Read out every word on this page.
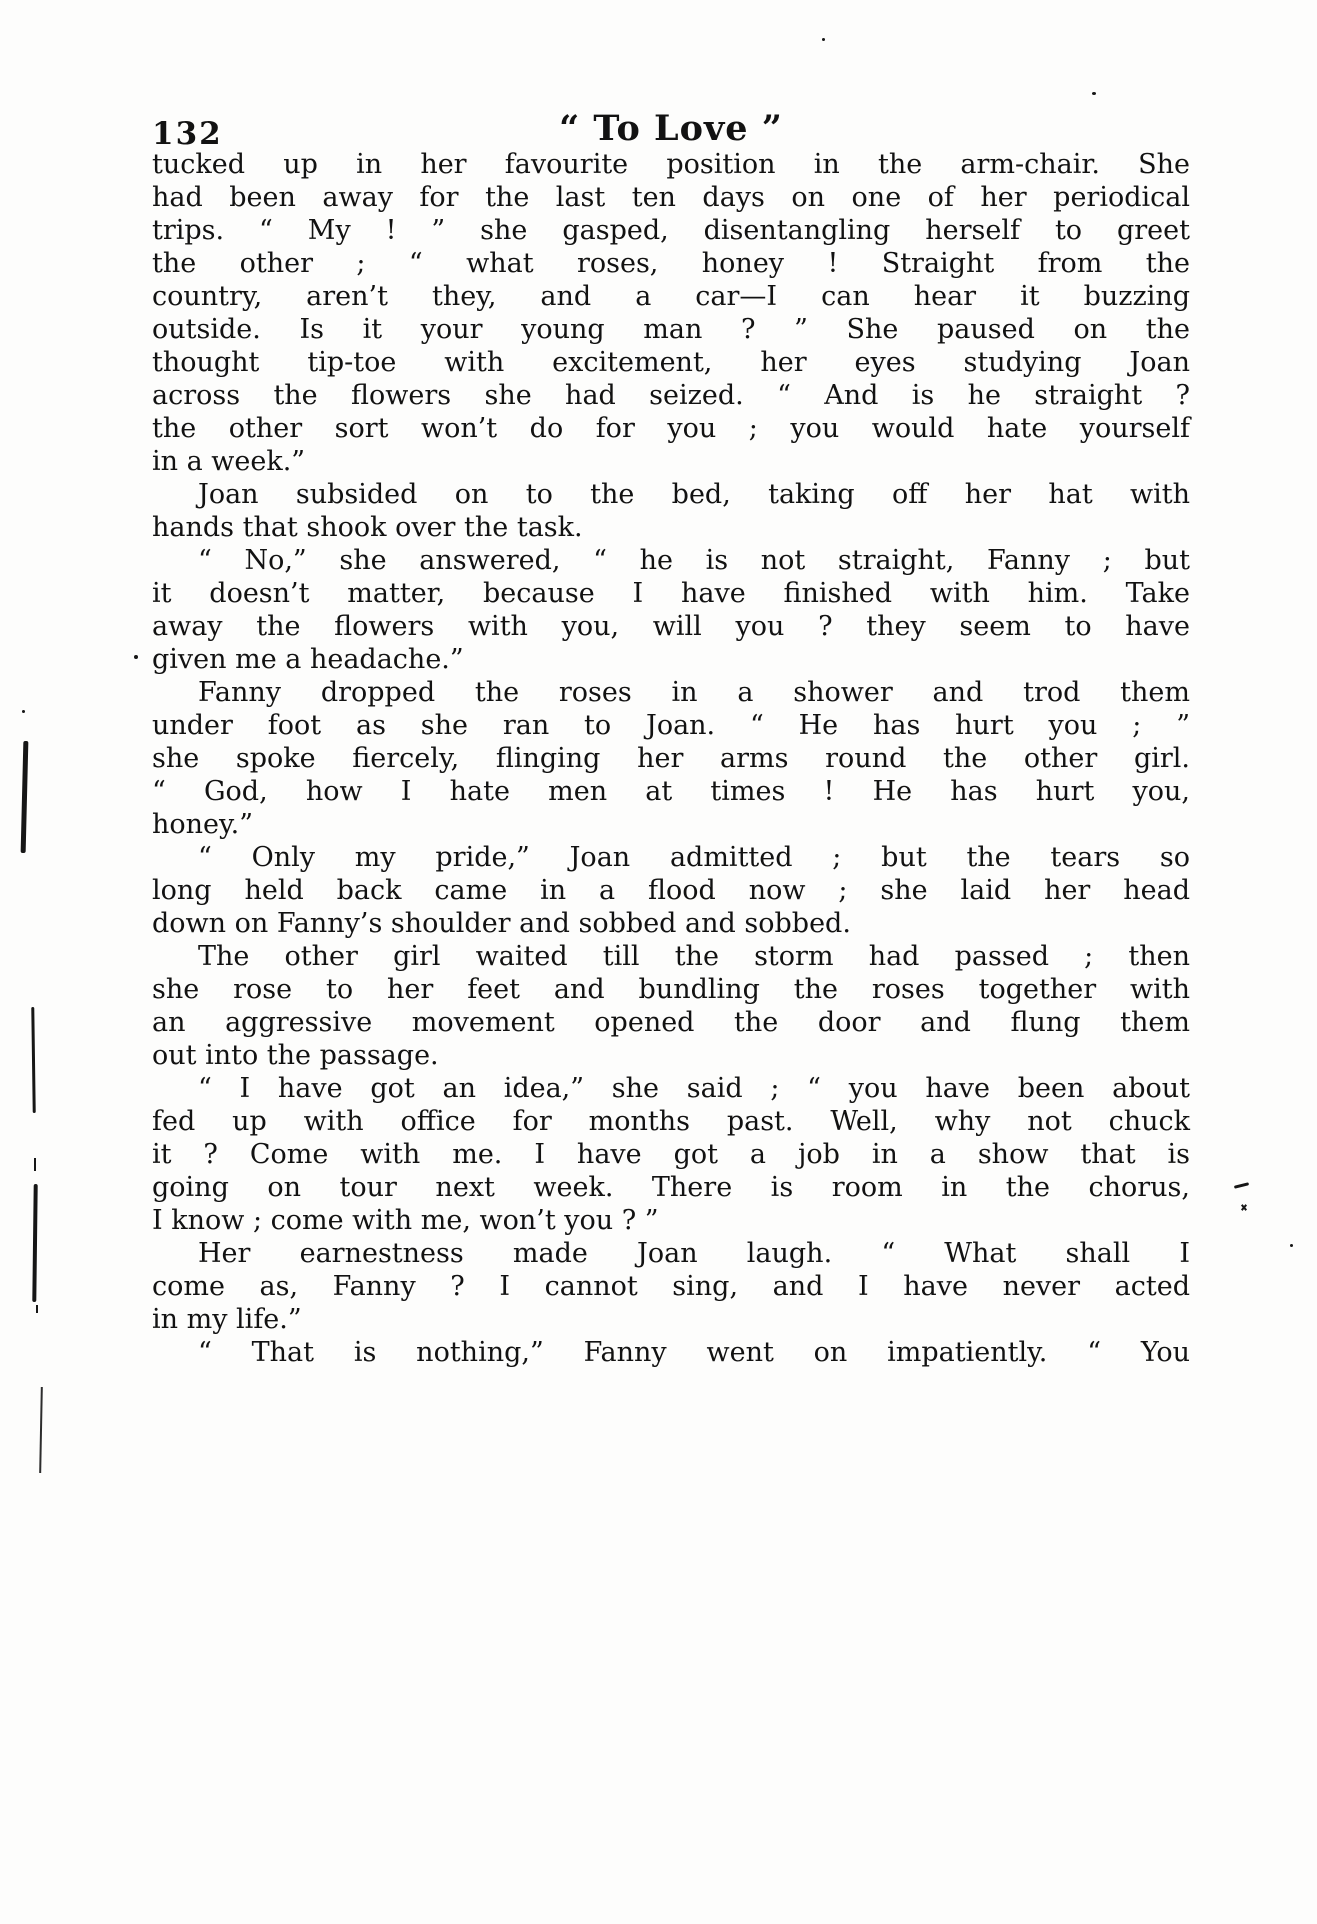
132	“ To Love ”
tucked up in her favourite position in the arm-chair. She
had been away for the last ten days on one of her periodical
trips. “ My ! ” she gasped, disentangling herself to greet
the other ; “ what roses, honey ! Straight from the
country, aren’t they, and a car—I can hear it buzzing
outside. Is it your young man ? ” She paused on the
thought tip-toe with excitement, her eyes studying Joan
across the flowers she had seized. “ And is he straight ?
the other sort won’t do for you ; you would hate yourself
in a week.”
Joan subsided on to the bed, taking off her hat with
hands that shook over the task.
“ No,” she answered, “ he is not straight, Fanny ; but
it doesn’t matter, because I have finished with him. Take
away the flowers with you, will you ? they seem to have
given me a headache.”
Fanny dropped the roses in a shower and trod them
under foot as she ran to Joan. “ He has hurt you ; ”
she spoke fiercely, flinging her arms round the other girl.
“ God, how I hate men at times ! He has hurt you,
honey.”
“ Only my pride,” Joan admitted ; but the tears so
long held back came in a flood now ; she laid her head
down on Fanny’s shoulder and sobbed and sobbed.
The other girl waited till the storm had passed ; then
she rose to her feet and bundling the roses together with
an aggressive movement opened the door and flung them
out into the passage.
“ I have got an idea,” she said ; “ you have been about
fed up with office for months past. Well, why not chuck
it ? Come with me. I have got a job in a show that is
going on tour next week. There is room in the chorus,
I know ; come with me, won’t you ? ”
Her earnestness made Joan laugh. “ What shall I
come as, Fanny ? I cannot sing, and I have never acted
in my life.”
“ That is nothing,” Fanny went on impatiently. “ You
